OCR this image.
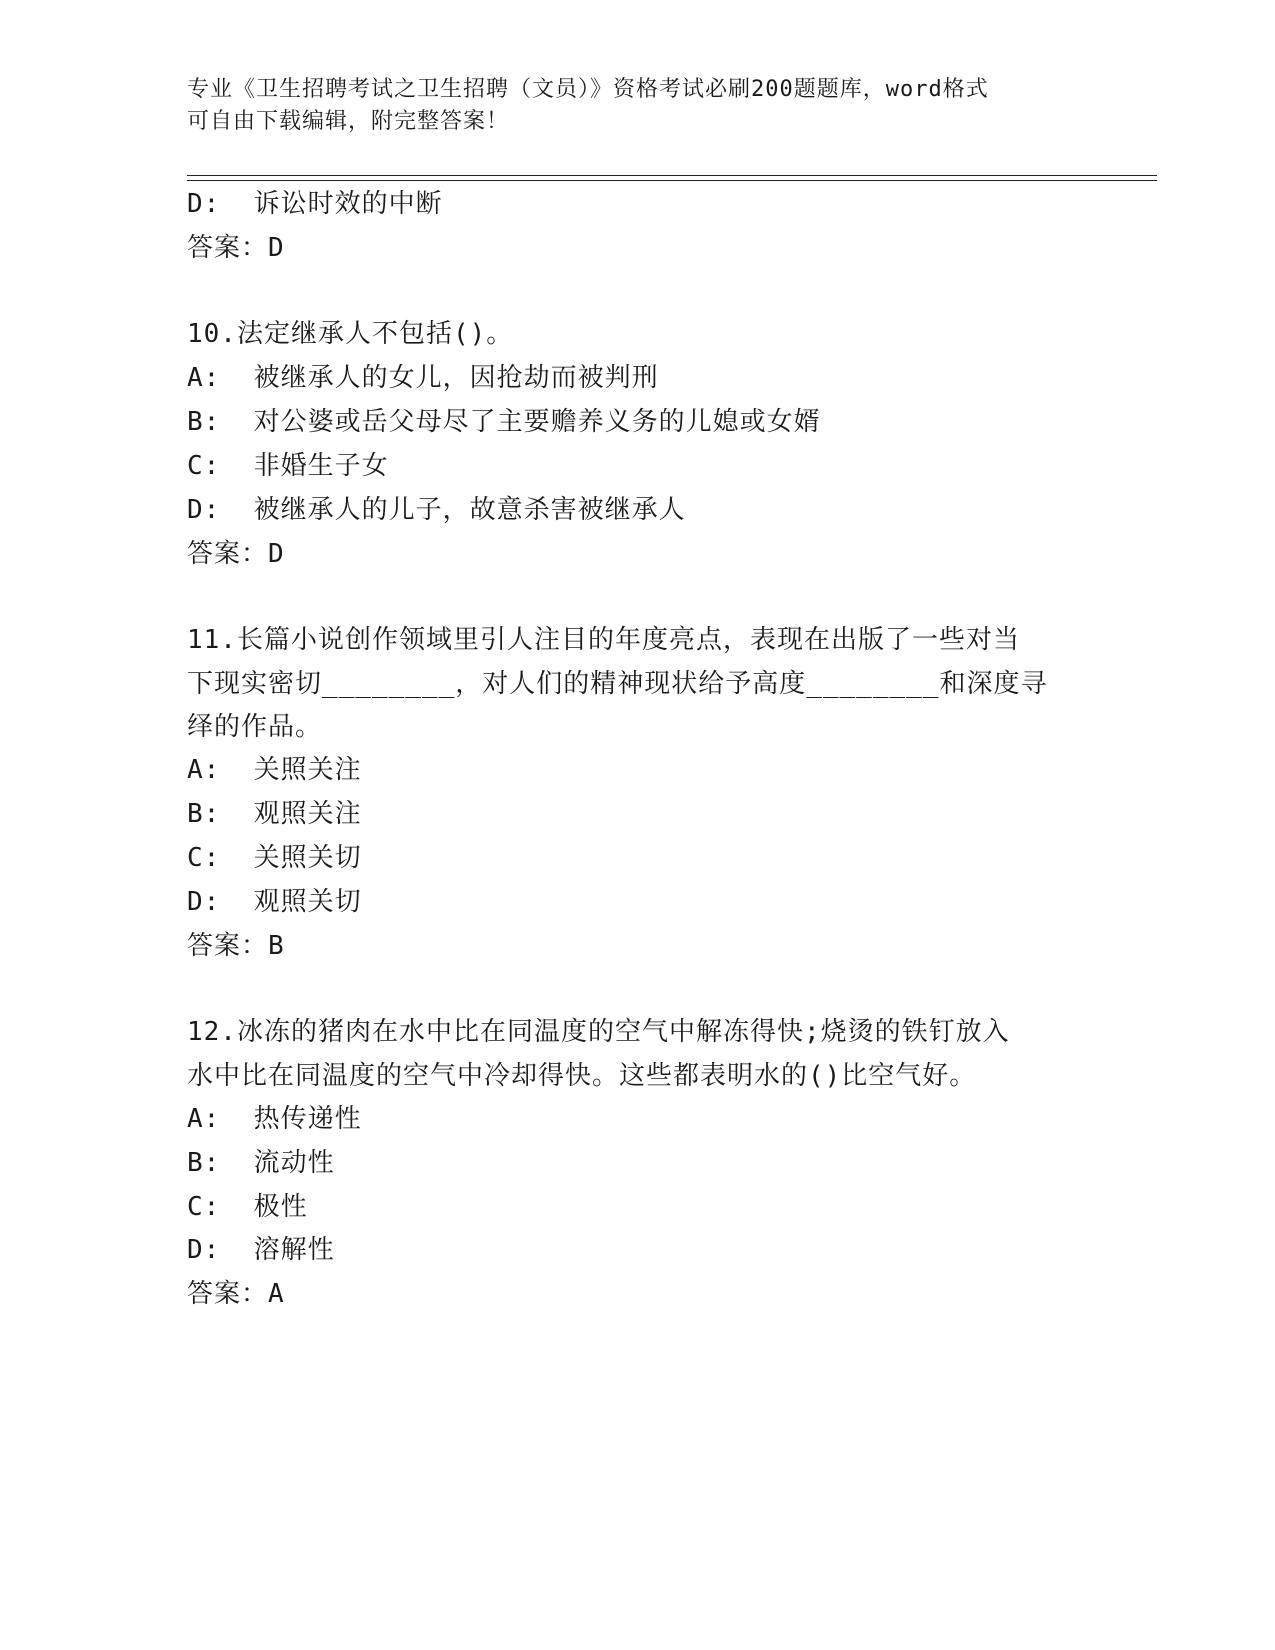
专业《卫生招聘考试之卫生招聘（文员）》资格考试必刷200题题库，word格式
可自由下载编辑，附完整答案！
D:  诉讼时效的中断
答案：D
10.法定继承人不包括()。
A:  被继承人的女儿，因抢劫而被判刑
B:  对公婆或岳父母尽了主要赡养义务的儿媳或女婿
C:  非婚生子女
D:  被继承人的儿子，故意杀害被继承人
答案：D
11.长篇小说创作领域里引人注目的年度亮点，表现在出版了一些对当
下现实密切________，对人们的精神现状给予高度________和深度寻
绎的作品。
A:  关照关注
B:  观照关注
C:  关照关切
D:  观照关切
答案：B
12.冰冻的猪肉在水中比在同温度的空气中解冻得快;烧烫的铁钉放入
水中比在同温度的空气中冷却得快。这些都表明水的()比空气好。
A:  热传递性
B:  流动性
C:  极性
D:  溶解性
答案：A
